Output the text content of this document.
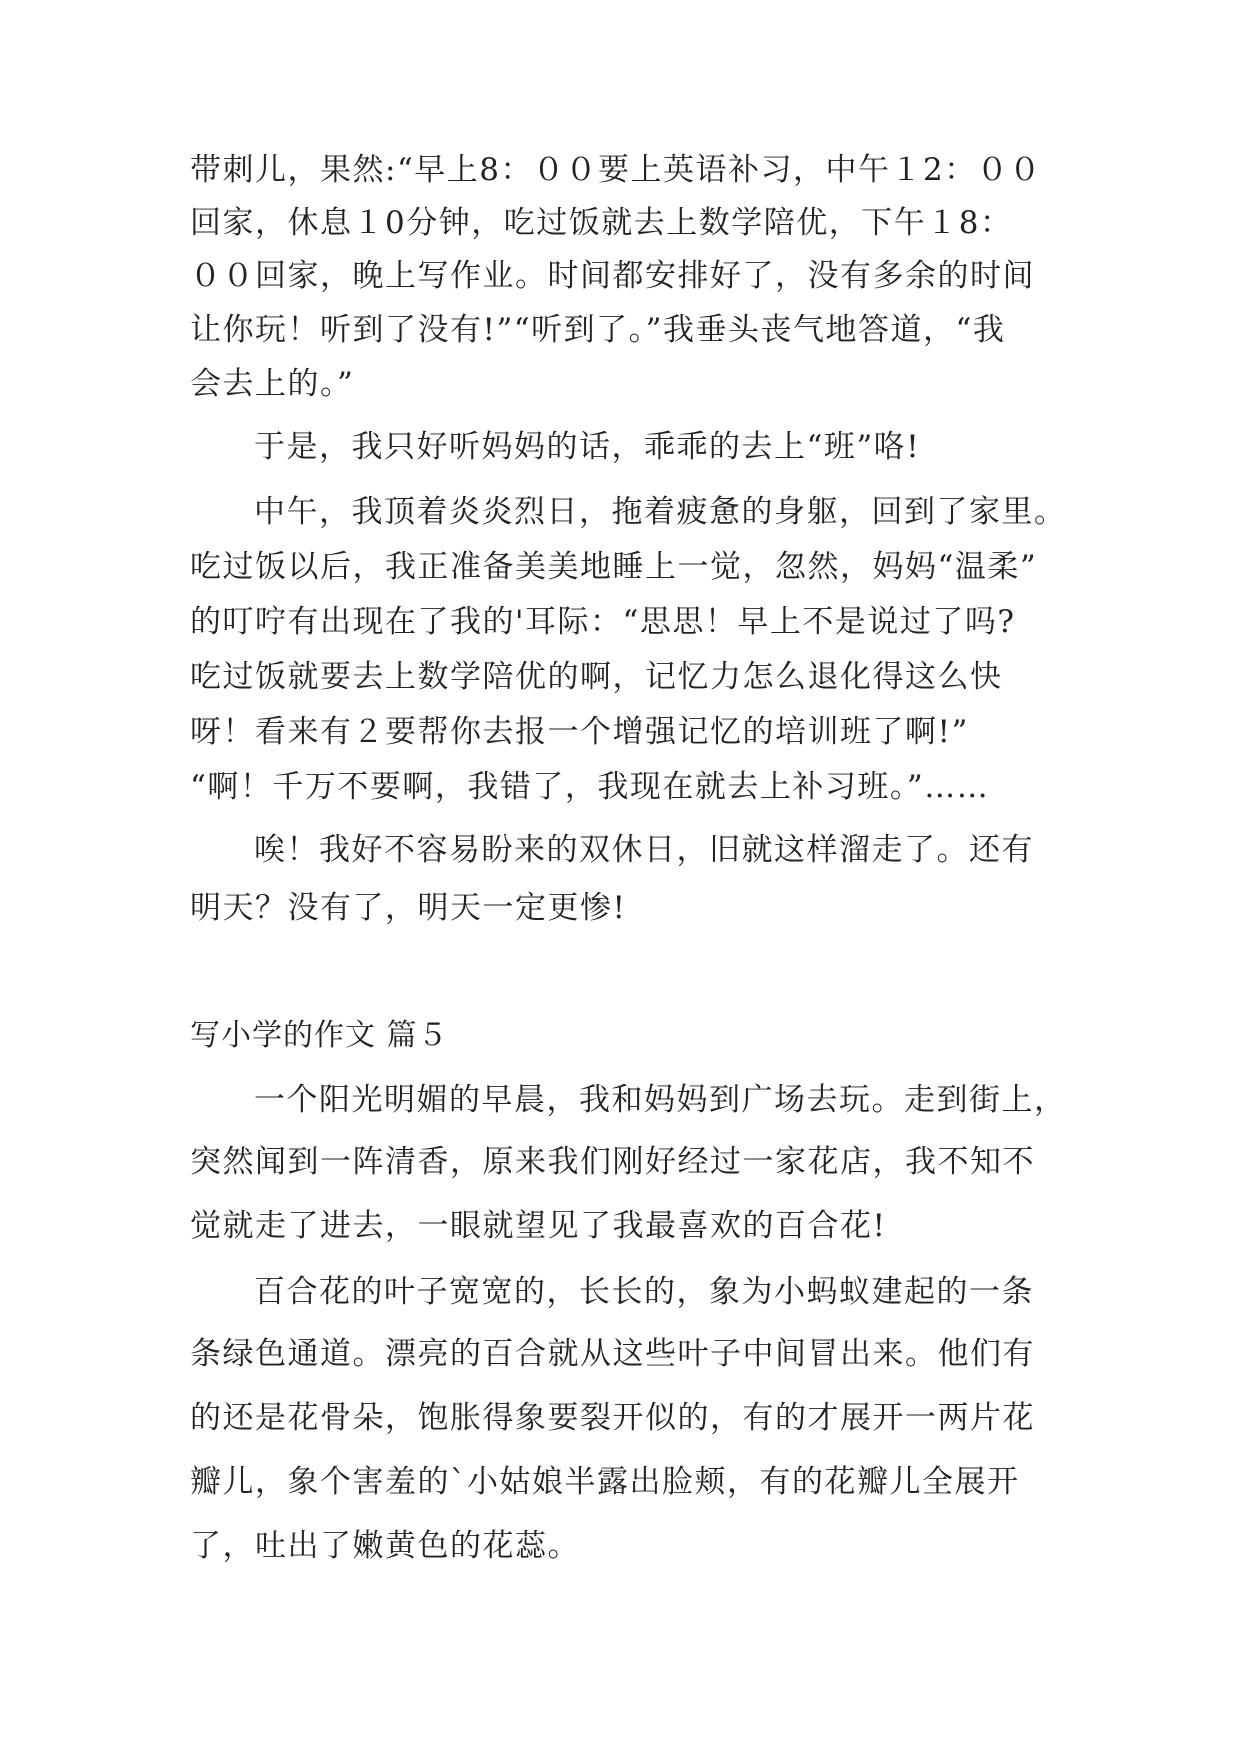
带刺儿，果然:“早上8：００要上英语补习，中午１2：００
回家，休息１0分钟，吃过饭就去上数学陪优，下午１8：
００回家，晚上写作业。时间都安排好了，没有多余的时间
让你玩！听到了没有!”“听到了。”我垂头丧气地答道，“我
会去上的。”
于是，我只好听妈妈的话，乖乖的去上“班”咯!
中午，我顶着炎炎烈日，拖着疲惫的身躯，回到了家里。
吃过饭以后，我正准备美美地睡上一觉，忽然，妈妈“温柔”
的叮咛有出现在了我的'耳际：“思思！早上不是说过了吗?
吃过饭就要去上数学陪优的啊，记忆力怎么退化得这么快
呀！看来有２要帮你去报一个增强记忆的培训班了啊!”
“啊！千万不要啊，我错了，我现在就去上补习班。”……
唉！我好不容易盼来的双休日，旧就这样溜走了。还有
明天？没有了，明天一定更惨!
写小学的作文 篇５
一个阳光明媚的早晨，我和妈妈到广场去玩。走到街上，
突然闻到一阵清香，原来我们刚好经过一家花店，我不知不
觉就走了进去，一眼就望见了我最喜欢的百合花!
百合花的叶子宽宽的，长长的，象为小蚂蚁建起的一条
条绿色通道。漂亮的百合就从这些叶子中间冒出来。他们有
的还是花骨朵，饱胀得象要裂开似的，有的才展开一两片花
瓣儿，象个害羞的`小姑娘半露出脸颊，有的花瓣儿全展开
了，吐出了嫩黄色的花蕊。
